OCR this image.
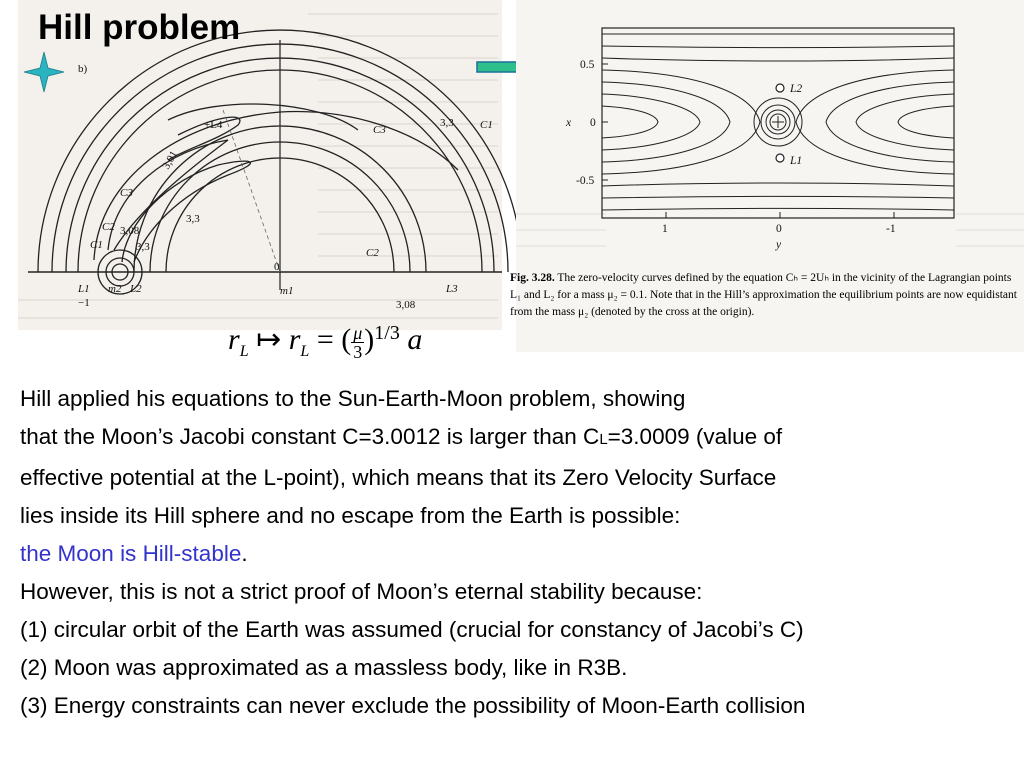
b)
C1
C3
3,3
+L4
3,01
C3
3,3
C2 3,08
C1	3,3	C2
0
m1
L1 m2 L2
−1	3,08
L3
Hill problem
0.5
0
-0.5
x
1	0	-1
y
L2
L1
Fig. 3.28. The zero-velocity curves defined by the equation Cₕ = 2Uₕ in the vicinity of the Lagrangian points L₁ and L₂ for a mass μ₂ = 0.1. Note that in the Hill’s approximation the equilibrium points are now equidistant from the mass μ₂ (denoted by the cross at the origin).
$r_L$ ↦ $r_L$ = ( $\frac{\mu}{3} )^{1/3}$ a

Hill applied his equations to the Sun-Earth-Moon problem, showing

that the Moon’s Jacobi constant C=3.0012 is larger than CL=3.0009 (value of

effective potential at the L-point), which means that its Zero Velocity Surface

lies inside its Hill sphere and no escape from the Earth is possible:

the Moon is Hill-stable.

However, this is not a strict proof of Moon’s eternal stability because:

(1) circular orbit of the Earth was assumed (crucial for constancy of Jacobi’s C)

(2) Moon was approximated as a massless body, like in R3B.

(3) Energy constraints can never exclude the possibility of Moon-Earth collision
